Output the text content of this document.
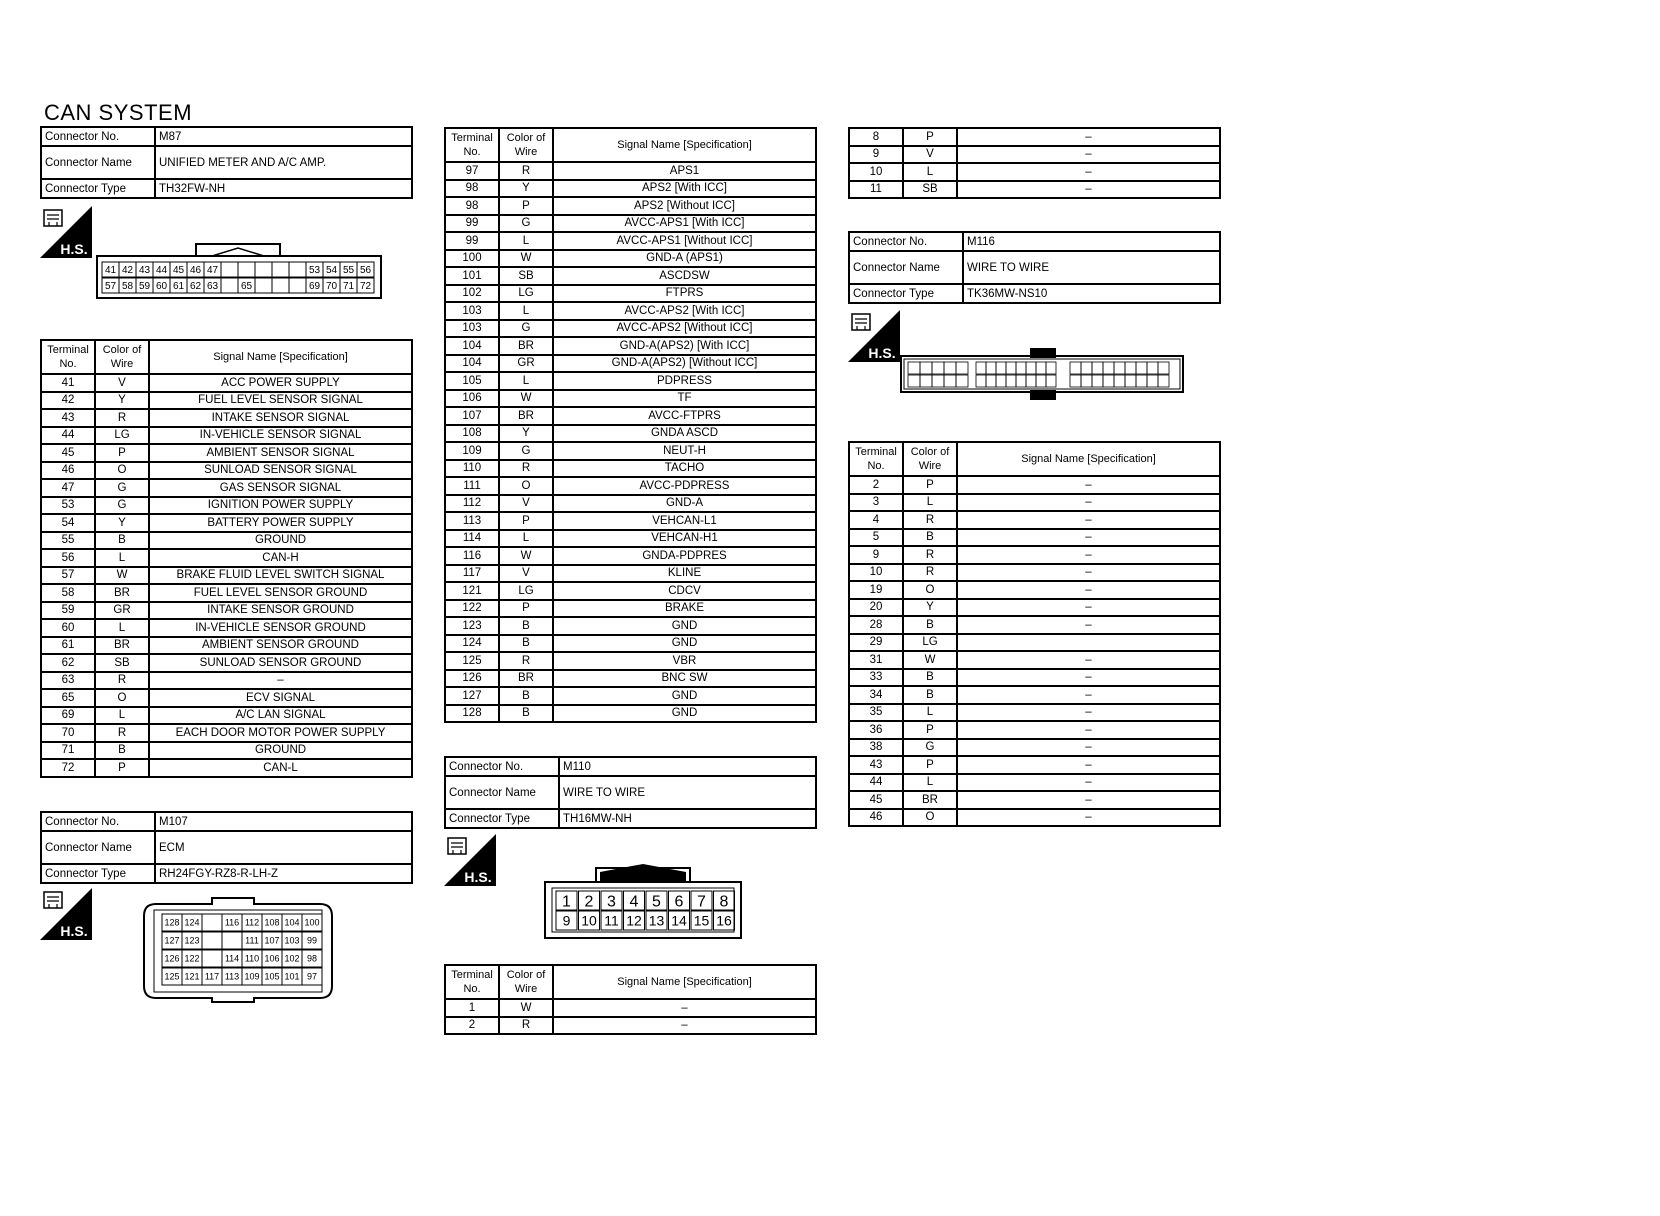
CAN SYSTEM
Connector No.	M87
Connector Name	UNIFIED METER AND A/C AMP.
Connector Type	TH32FW-NH
H.S.
41 42 43 44 45 46 47	53 54 55 56
57 58 59 60 61 62 63 65	69 70 71 72
Terminal No.	Color of Wire	Signal Name [Specification]
41	V	ACC POWER SUPPLY
42	Y	FUEL LEVEL SENSOR SIGNAL
43	R	INTAKE SENSOR SIGNAL
44	LG	IN-VEHICLE SENSOR SIGNAL
45	P	AMBIENT SENSOR SIGNAL
46	O	SUNLOAD SENSOR SIGNAL
47	G	GAS SENSOR SIGNAL
53	G	IGNITION POWER SUPPLY
54	Y	BATTERY POWER SUPPLY
55	B	GROUND
56	L	CAN-H
57	W	BRAKE FLUID LEVEL SWITCH SIGNAL
58	BR	FUEL LEVEL SENSOR GROUND
59	GR	INTAKE SENSOR GROUND
60	L	IN-VEHICLE SENSOR GROUND
61	BR	AMBIENT SENSOR GROUND
62	SB	SUNLOAD SENSOR GROUND
63	R	–
65	O	ECV SIGNAL
69	L	A/C LAN SIGNAL
70	R	EACH DOOR MOTOR POWER SUPPLY
71	B	GROUND
72	P	CAN-L
Connector No.	M107
Connector Name	ECM
Connector Type	RH24FGY-RZ8-R-LH-Z
H.S.
128 124	116 112 108 104 100
127 123	111 107 103 99
126 122	114 110 106 102 98
125 121 117 113 109 105 101 97
Terminal No.	Color of Wire	Signal Name [Specification]
97	R	APS1
98	Y	APS2 [With ICC]
98	P	APS2 [Without ICC]
99	G	AVCC-APS1 [With ICC]
99	L	AVCC-APS1 [Without ICC]
100	W	GND-A (APS1)
101	SB	ASCDSW
102	LG	FTPRS
103	L	AVCC-APS2 [With ICC]
103	G	AVCC-APS2 [Without ICC]
104	BR	GND-A(APS2) [With ICC]
104	GR	GND-A(APS2) [Without ICC]
105	L	PDPRESS
106	W	TF
107	BR	AVCC-FTPRS
108	Y	GNDA ASCD
109	G	NEUT-H
110	R	TACHO
111	O	AVCC-PDPRESS
112	V	GND-A
113	P	VEHCAN-L1
114	L	VEHCAN-H1
116	W	GNDA-PDPRES
117	V	KLINE
121	LG	CDCV
122	P	BRAKE
123	B	GND
124	B	GND
125	R	VBR
126	BR	BNC SW
127	B	GND
128	B	GND
Connector No.	M110
Connector Name	WIRE TO WIRE
Connector Type	TH16MW-NH
H.S.
1 2 3 4 5 6 7 8
9 10 11 12 13 14 15 16
Terminal No.	Color of Wire	Signal Name [Specification]
1	W	–
2	R	–
8	P	–
9	V	–
10	L	–
11	SB	–
Connector No.	M116
Connector Name	WIRE TO WIRE
Connector Type	TK36MW-NS10
H.S.
Terminal No.	Color of Wire	Signal Name [Specification]
2	P	–
3	L	–
4	R	–
5	B	–
9	R	–
10	R	–
19	O	–
20	Y	–
28	B	–
29	LG	
31	W	–
33	B	–
34	B	–
35	L	–
36	P	–
38	G	–
43	P	–
44	L	–
45	BR	–
46	O	–
